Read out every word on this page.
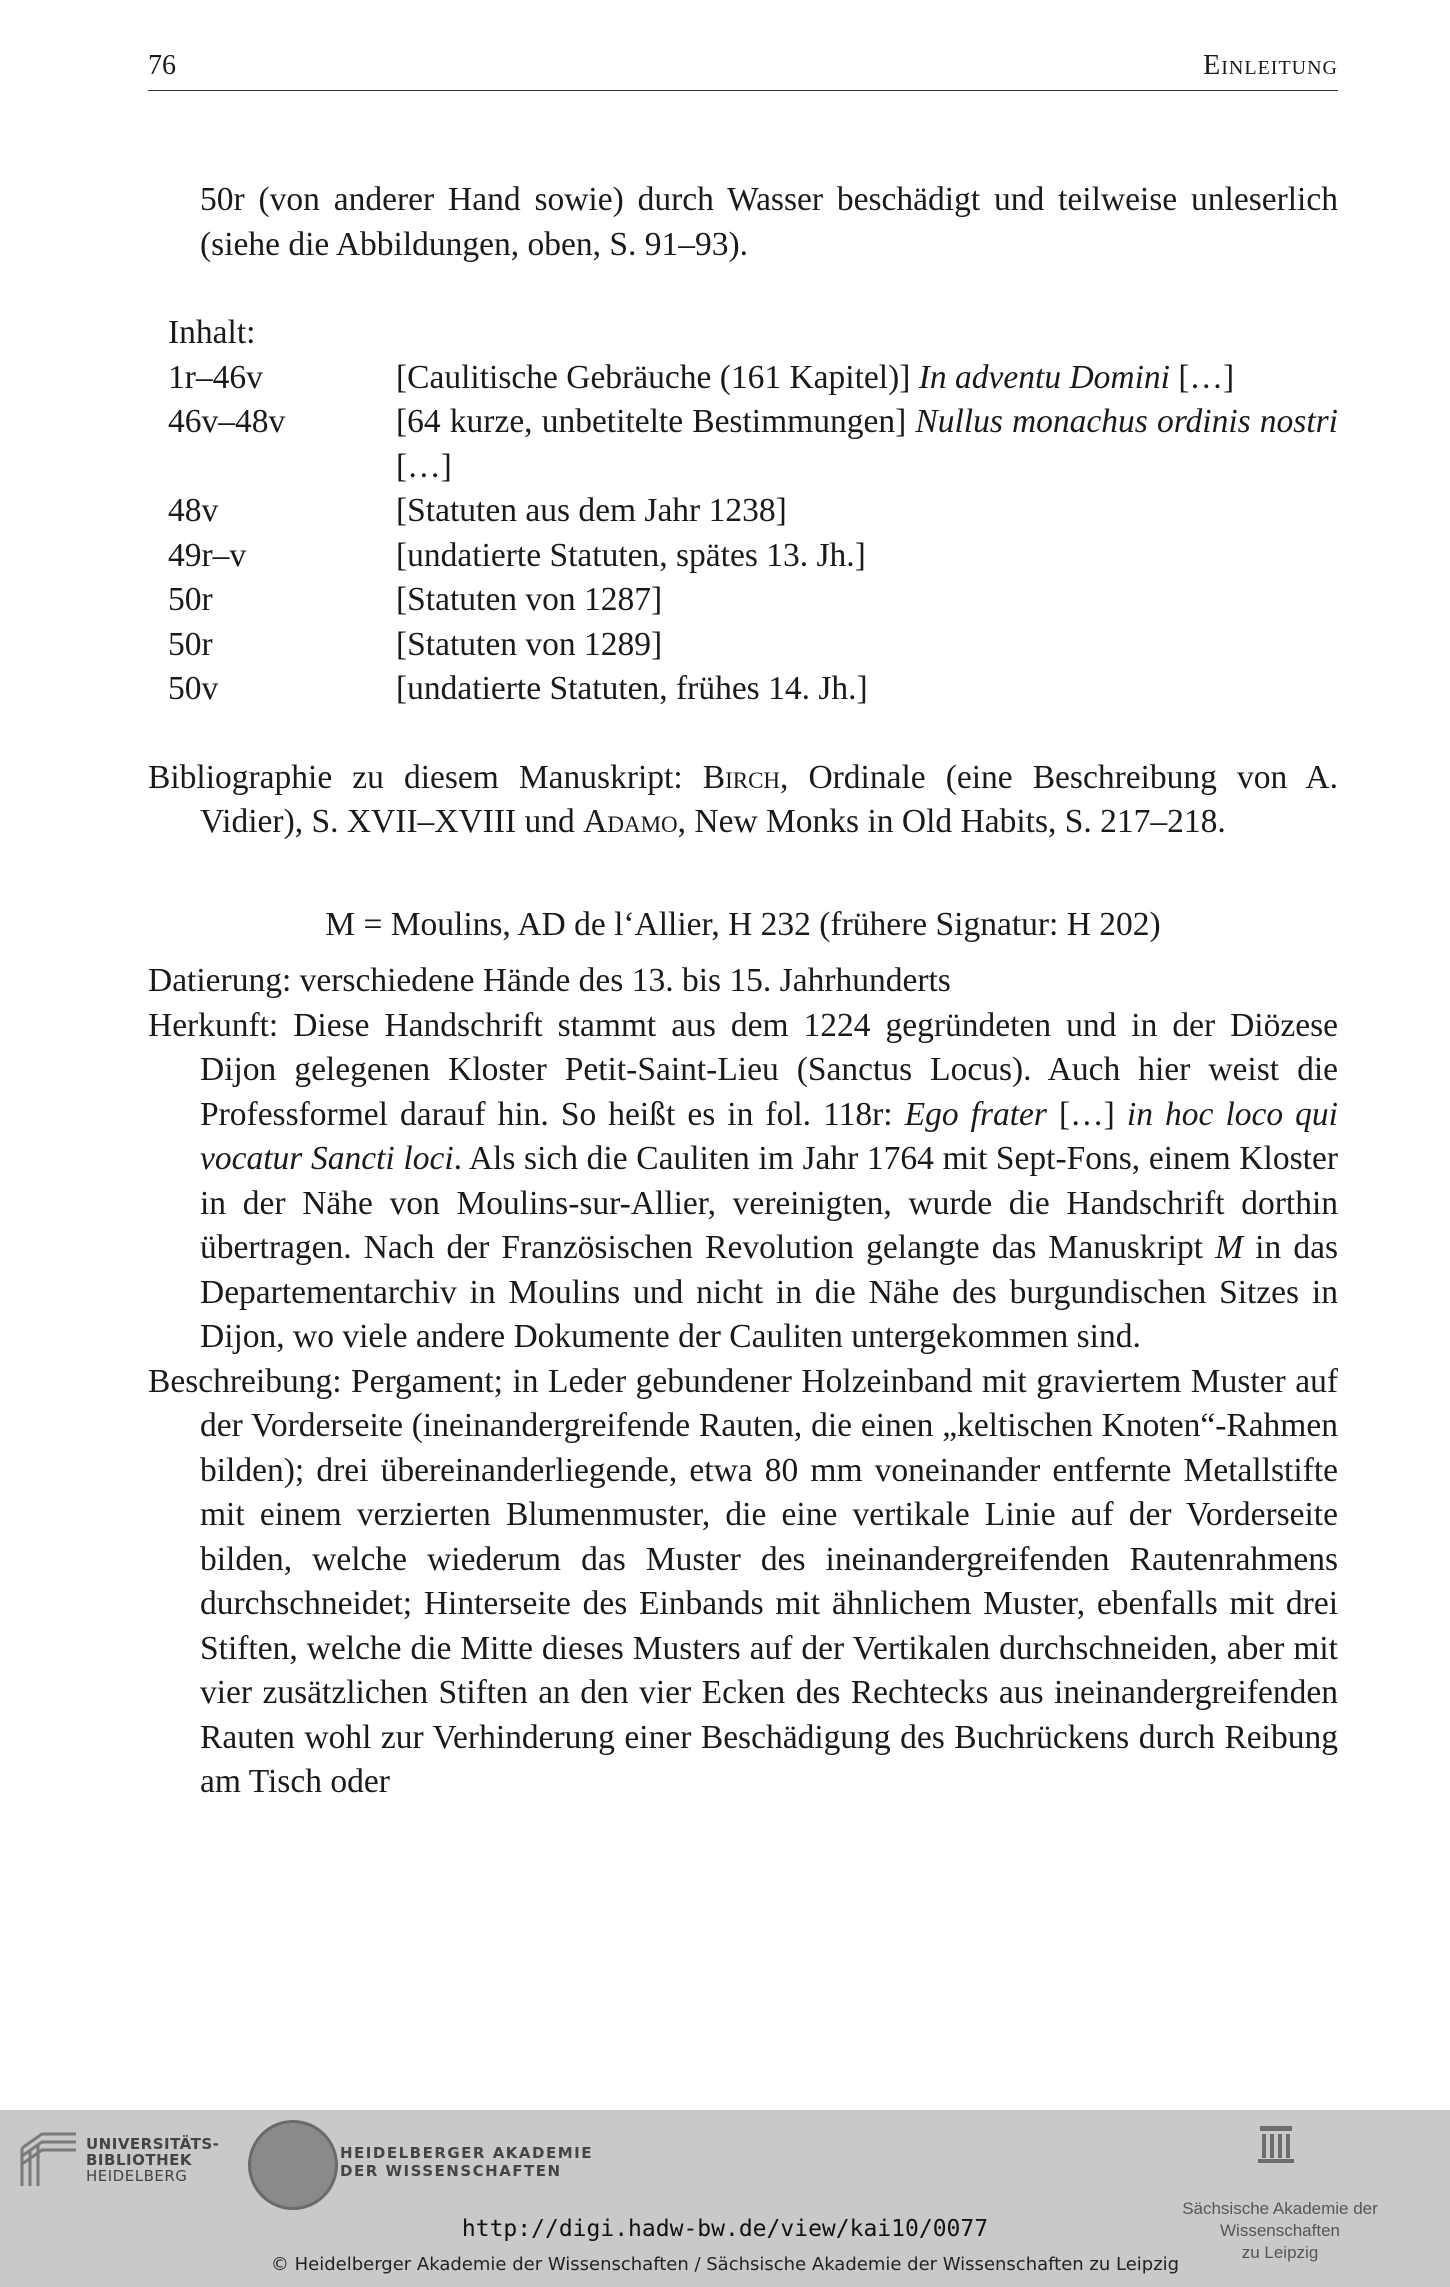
76	Einleitung

50r (von anderer Hand sowie) durch Wasser beschädigt und teilweise unleserlich (siehe die Abbildungen, oben, S. 91–93).

Inhalt:
1r–46v	[Caulitische Gebräuche (161 Kapitel)] In adventu Domini […]
46v–48v	[64 kurze, unbetitelte Bestimmungen] Nullus monachus ordinis nostri […]
48v	[Statuten aus dem Jahr 1238]
49r–v	[undatierte Statuten, spätes 13. Jh.]
50r	[Statuten von 1287]
50r	[Statuten von 1289]
50v	[undatierte Statuten, frühes 14. Jh.]

Bibliographie zu diesem Manuskript: Birch, Ordinale (eine Beschreibung von A. Vidier), S. XVII–XVIII und Adamo, New Monks in Old Habits, S. 217–218.

M = Moulins, AD de l‘Allier, H 232 (frühere Signatur: H 202)

Datierung: verschiedene Hände des 13. bis 15. Jahrhunderts

Herkunft: Diese Handschrift stammt aus dem 1224 gegründeten und in der Diözese Dijon gelegenen Kloster Petit-Saint-Lieu (Sanctus Locus). Auch hier weist die Professformel darauf hin. So heißt es in fol. 118r: Ego frater […] in hoc loco qui vocatur Sancti loci. Als sich die Cauliten im Jahr 1764 mit Sept-Fons, einem Kloster in der Nähe von Moulins-sur-Allier, vereinigten, wurde die Handschrift dorthin übertragen. Nach der Französischen Revolution gelangte das Manuskript M in das Departementarchiv in Moulins und nicht in die Nähe des burgundischen Sitzes in Dijon, wo viele andere Dokumente der Cauliten untergekommen sind.

Beschreibung: Pergament; in Leder gebundener Holzeinband mit graviertem Muster auf der Vorderseite (ineinandergreifende Rauten, die einen „keltischen Knoten“-Rahmen bilden); drei übereinanderliegende, etwa 80 mm voneinander entfernte Metallstifte mit einem verzierten Blumenmuster, die eine vertikale Linie auf der Vorderseite bilden, welche wiederum das Muster des ineinandergreifenden Rautenrahmens durchschneidet; Hinterseite des Einbands mit ähnlichem Muster, ebenfalls mit drei Stiften, welche die Mitte dieses Musters auf der Vertikalen durchschneiden, aber mit vier zusätzlichen Stiften an den vier Ecken des Rechtecks aus ineinandergreifenden Rauten wohl zur Verhinderung einer Beschädigung des Buchrückens durch Reibung am Tisch oder

UNIVERSITÄTS-
BIBLIOTHEK
HEIDELBERG
HEIDELBERGER AKADEMIE
DER WISSENSCHAFTEN
Sächsische Akademie der Wissenschaften
zu Leipzig
http://digi.hadw-bw.de/view/kai10/0077
© Heidelberger Akademie der Wissenschaften / Sächsische Akademie der Wissenschaften zu Leipzig
